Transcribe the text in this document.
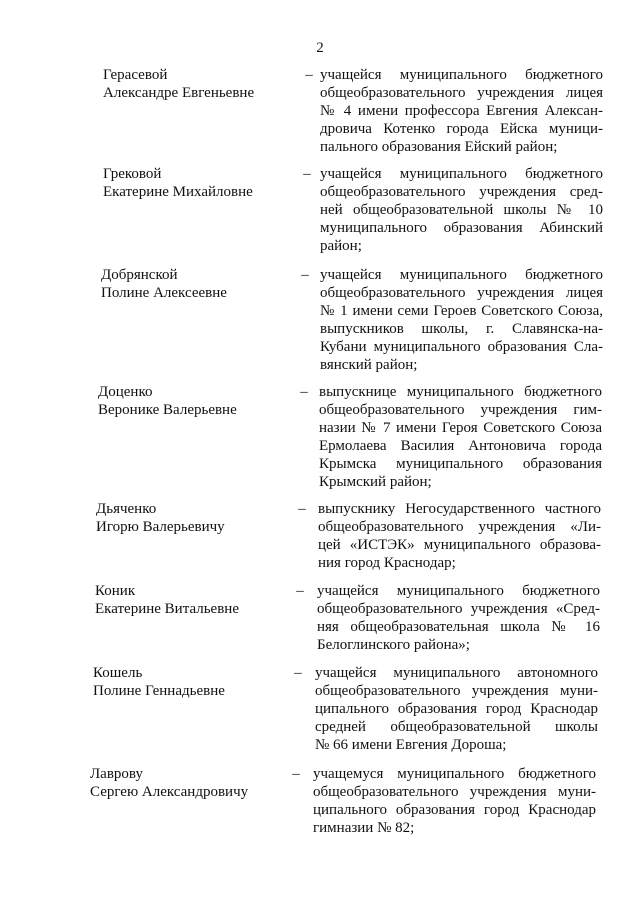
2
Герасевой
Александре Евгеньевне
– учащейся муниципального бюджетного
общеобразовательного учреждения лицея
№ 4 имени профессора Евгения Алексан-
дровича Котенко города Ейска муници-
пального образования Ейский район;
Грековой
Екатерине Михайловне
– учащейся муниципального бюджетного
общеобразовательного учреждения сред-
ней общеобразовательной школы № 10
муниципального образования Абинский
район;
Добрянской
Полине Алексеевне
– учащейся муниципального бюджетного
общеобразовательного учреждения лицея
№ 1 имени семи Героев Советского Союза,
выпускников школы, г. Славянска-на-
Кубани муниципального образования Сла-
вянский район;
Доценко
Веронике Валерьевне
– выпускнице муниципального бюджетного
общеобразовательного учреждения гим-
назии № 7 имени Героя Советского Союза
Ермолаева Василия Антоновича города
Крымска муниципального образования
Крымский район;
Дьяченко
Игорю Валерьевичу
– выпускнику Негосударственного частного
общеобразовательного учреждения «Ли-
цей «ИСТЭК» муниципального образова-
ния город Краснодар;
Коник
Екатерине Витальевне
– учащейся муниципального бюджетного
общеобразовательного учреждения «Сред-
няя общеобразовательная школа № 16
Белоглинского района»;
Кошель
Полине Геннадьевне
– учащейся муниципального автономного
общеобразовательного учреждения муни-
ципального образования город Краснодар
средней общеобразовательной школы
№ 66 имени Евгения Дороша;
Лаврову
Сергею Александровичу
– учащемуся муниципального бюджетного
общеобразовательного учреждения муни-
ципального образования город Краснодар
гимназии № 82;
